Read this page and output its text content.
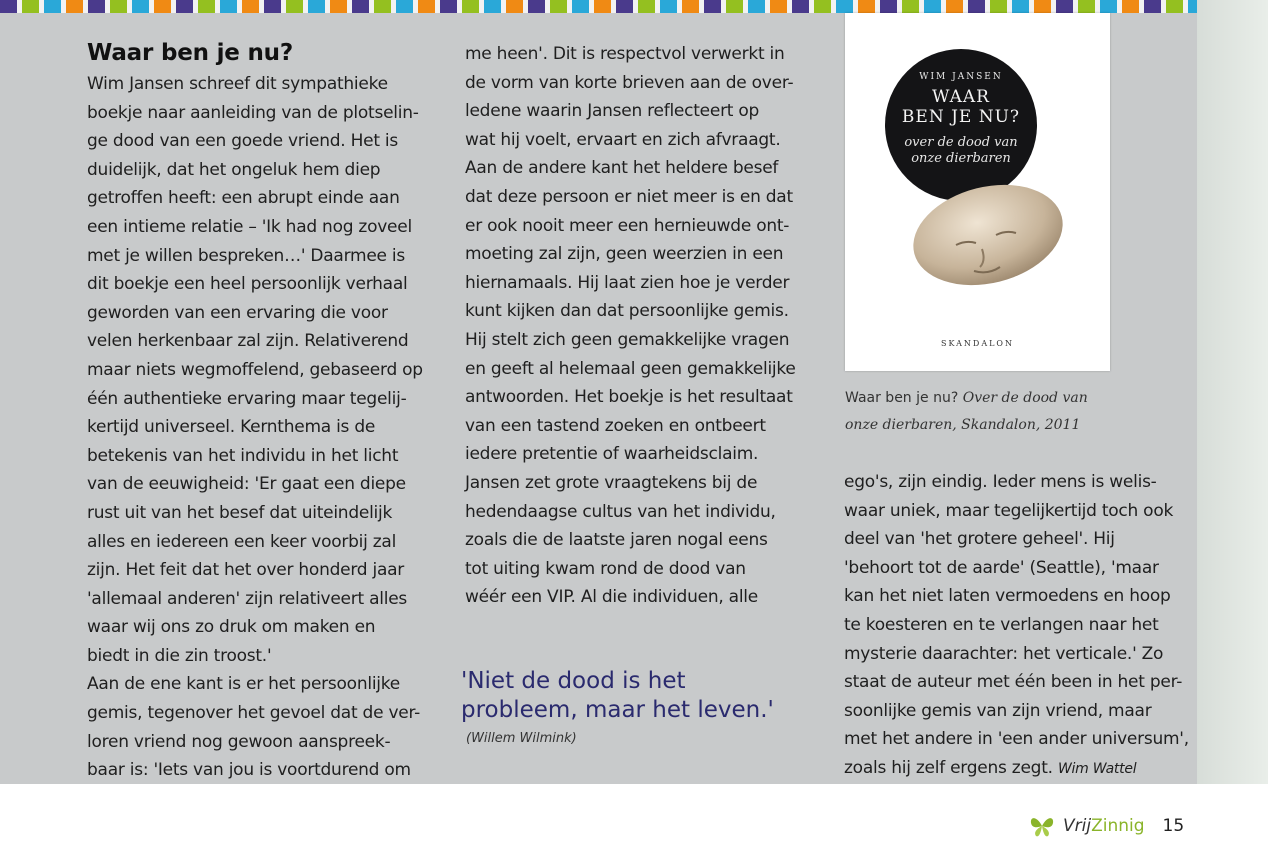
Waar ben je nu?

Wim Jansen schreef dit sympathieke
boekje naar aanleiding van de plotselin-
ge dood van een goede vriend. Het is
duidelijk, dat het ongeluk hem diep
getroffen heeft: een abrupt einde aan
een intieme relatie – 'Ik had nog zoveel
met je willen bespreken…' Daarmee is
dit boekje een heel persoonlijk verhaal
geworden van een ervaring die voor
velen herkenbaar zal zijn. Relativerend
maar niets wegmoffelend, gebaseerd op
één authentieke ervaring maar tegelij-
kertijd universeel. Kernthema is de
betekenis van het individu in het licht
van de eeuwigheid: 'Er gaat een diepe
rust uit van het besef dat uiteindelijk
alles en iedereen een keer voorbij zal
zijn. Het feit dat het over honderd jaar
'allemaal anderen' zijn relativeert alles
waar wij ons zo druk om maken en
biedt in die zin troost.'
Aan de ene kant is er het persoonlijke
gemis, tegenover het gevoel dat de ver-
loren vriend nog gewoon aanspreek-
baar is: 'Iets van jou is voortdurend om

me heen'. Dit is respectvol verwerkt in
de vorm van korte brieven aan de over-
ledene waarin Jansen reflecteert op
wat hij voelt, ervaart en zich afvraagt.
Aan de andere kant het heldere besef
dat deze persoon er niet meer is en dat
er ook nooit meer een hernieuwde ont-
moeting zal zijn, geen weerzien in een
hiernamaals. Hij laat zien hoe je verder
kunt kijken dan dat persoonlijke gemis.
Hij stelt zich geen gemakkelijke vragen
en geeft al helemaal geen gemakkelijke
antwoorden. Het boekje is het resultaat
van een tastend zoeken en ontbeert
iedere pretentie of waarheidsclaim.
Jansen zet grote vraagtekens bij de
hedendaagse cultus van het individu,
zoals die de laatste jaren nogal eens
tot uiting kwam rond de dood van
wéér een VIP. Al die individuen, alle

'Niet de dood is het
probleem, maar het leven.'
(Willem Wilmink)
WIM JANSEN
WAAR
BEN JE NU?
over de dood van
onze dierbaren
SKANDALON
Waar ben je nu? Over de dood van
onze dierbaren, Skandalon, 2011

ego's, zijn eindig. Ieder mens is welis-
waar uniek, maar tegelijkertijd toch ook
deel van 'het grotere geheel'. Hij
'behoort tot de aarde' (Seattle), 'maar
kan het niet laten vermoedens en hoop
te koesteren en te verlangen naar het
mysterie daarachter: het verticale.' Zo
staat de auteur met één been in het per-
soonlijke gemis van zijn vriend, maar
met het andere in 'een ander universum',
zoals hij zelf ergens zegt. Wim Wattel

VrijZinnig 15
